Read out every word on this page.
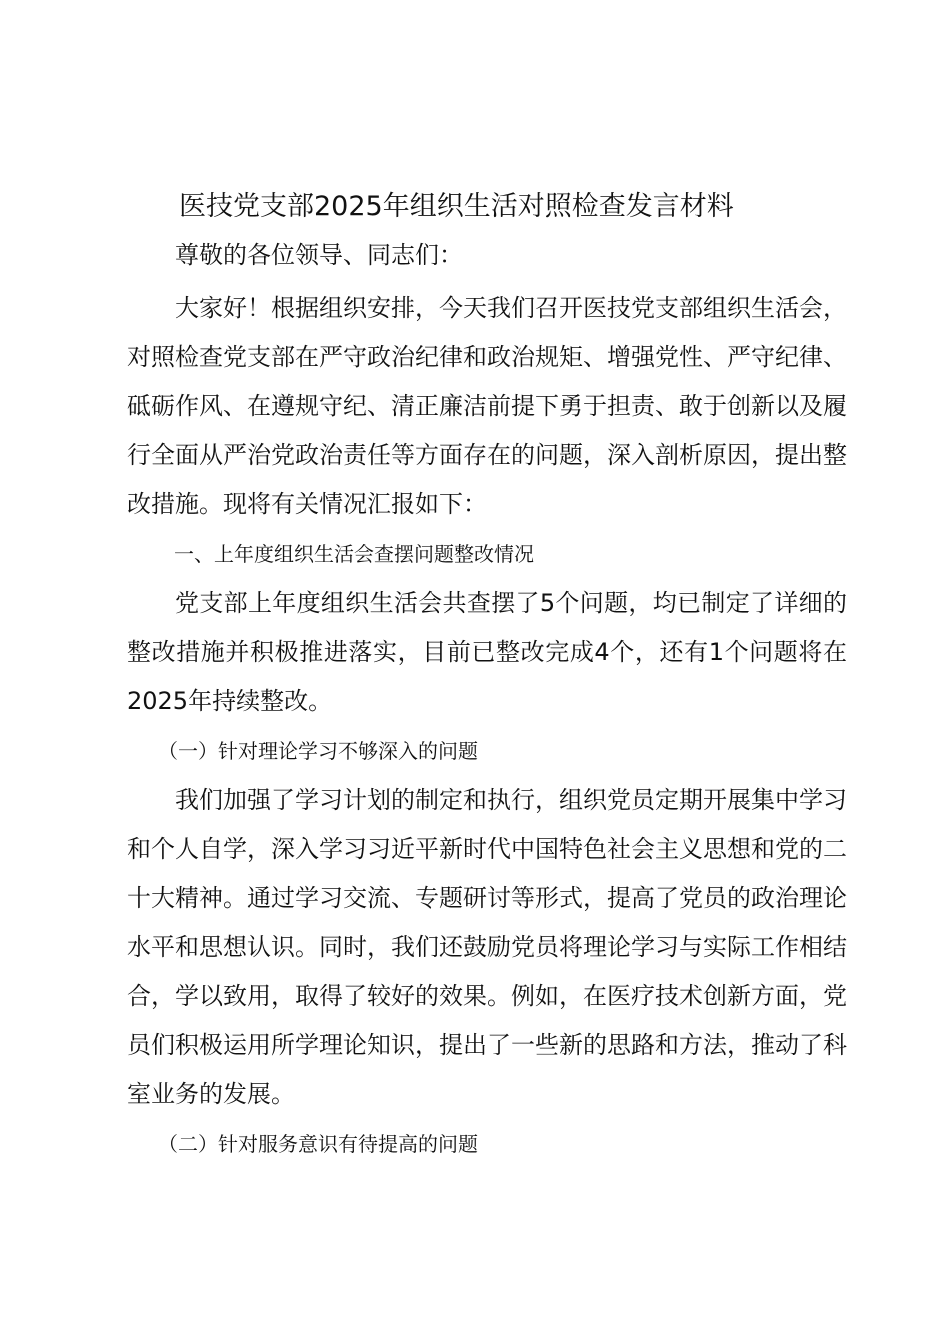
医技党支部2025年组织生活对照检查发言材料

尊敬的各位领导、同志们：

大家好！根据组织安排，今天我们召开医技党支部组织生活会，对照检查党支部在严守政治纪律和政治规矩、增强党性、严守纪律、砥砺作风、在遵规守纪、清正廉洁前提下勇于担责、敢于创新以及履行全面从严治党政治责任等方面存在的问题，深入剖析原因，提出整改措施。现将有关情况汇报如下：

一、上年度组织生活会查摆问题整改情况

党支部上年度组织生活会共查摆了5个问题，均已制定了详细的整改措施并积极推进落实，目前已整改完成4个，还有1个问题将在2025年持续整改。

（一）针对理论学习不够深入的问题

我们加强了学习计划的制定和执行，组织党员定期开展集中学习和个人自学，深入学习习近平新时代中国特色社会主义思想和党的二十大精神。通过学习交流、专题研讨等形式，提高了党员的政治理论水平和思想认识。同时，我们还鼓励党员将理论学习与实际工作相结合，学以致用，取得了较好的效果。例如，在医疗技术创新方面，党员们积极运用所学理论知识，提出了一些新的思路和方法，推动了科室业务的发展。

（二）针对服务意识有待提高的问题
